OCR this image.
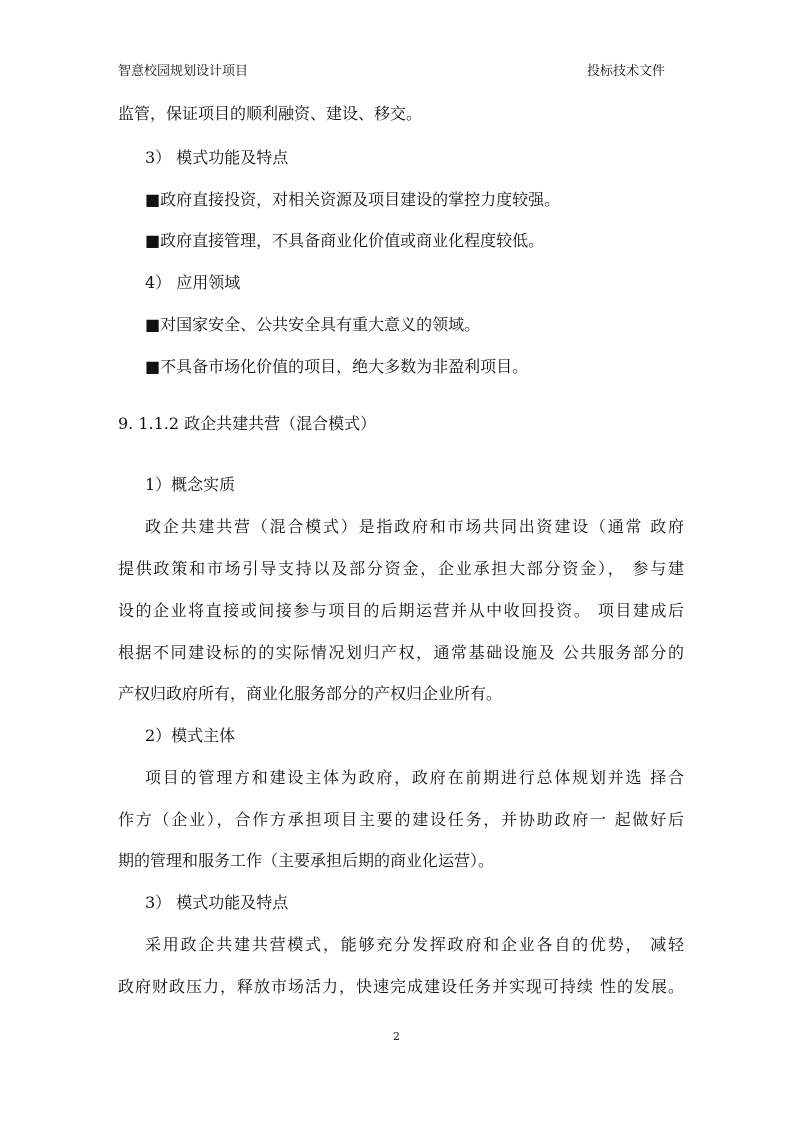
智意校园规划设计项目	投标技术文件
监管，保证项目的顺利融资、建设、移交。
3） 模式功能及特点
■政府直接投资，对相关资源及项目建设的掌控力度较强。
■政府直接管理，不具备商业化价值或商业化程度较低。
4） 应用领域
■对国家安全、公共安全具有重大意义的领域。
■不具备市场化价值的项目，绝大多数为非盈利项目。
9. 1.1.2 政企共建共营（混合模式）
1）概念实质
政企共建共营（混合模式）是指政府和市场共同出资建设（通常 政府
提供政策和市场引导支持以及部分资金，企业承担大部分资金）， 参与建
设的企业将直接或间接参与项目的后期运营并从中收回投资。 项目建成后
根据不同建设标的的实际情况划归产权，通常基础设施及 公共服务部分的
产权归政府所有，商业化服务部分的产权归企业所有。
2）模式主体
项目的管理方和建设主体为政府，政府在前期进行总体规划并选 择合
作方（企业），合作方承担项目主要的建设任务，并协助政府一 起做好后
期的管理和服务工作（主要承担后期的商业化运营）。
3） 模式功能及特点
采用政企共建共营模式，能够充分发挥政府和企业各自的优势， 减轻
政府财政压力，释放市场活力，快速完成建设任务并实现可持续 性的发展。
2
